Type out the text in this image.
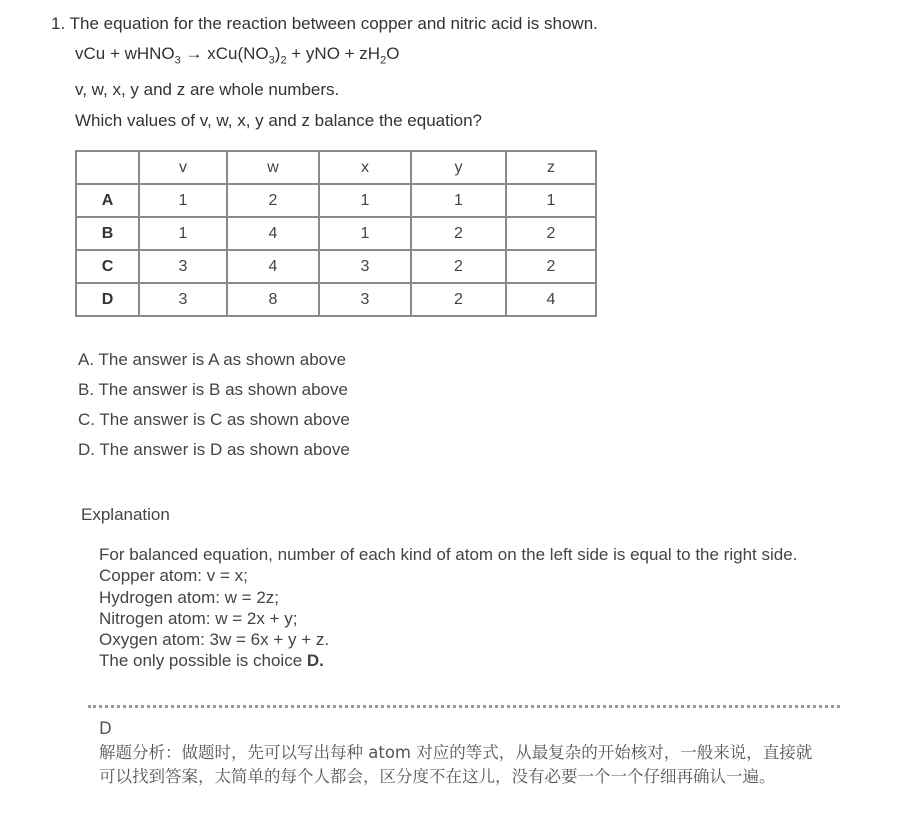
1. The equation for the reaction between copper and nitric acid is shown.
vCu + wHNO$_3$ → $xCu(NO_3)_2$ + yNO + $zH_2O$
v, w, x, y and z are whole numbers.
Which values of v, w, x, y and z balance the equation?
	v	w	x	y	z
A	1	2	1	1	1
B	1	4	1	2	2
C	3	4	3	2	2
D	3	8	3	2	4
A. The answer is A as shown above
B. The answer is B as shown above
C. The answer is C as shown above
D. The answer is D as shown above
Explanation
For balanced equation, number of each kind of atom on the left side is equal to the right side.
Copper atom: v = x;
Hydrogen atom: w = 2z;
Nitrogen atom: w = 2x + y;
Oxygen atom: 3w = 6x + y + z.
The only possible is choice D.
D
解题分析：做题时，先可以写出每种 atom 对应的等式，从最复杂的开始核对，一般来说，直接就可以找到答案，太简单的每个人都会，区分度不在这儿，没有必要一个一个仔细再确认一遍。
